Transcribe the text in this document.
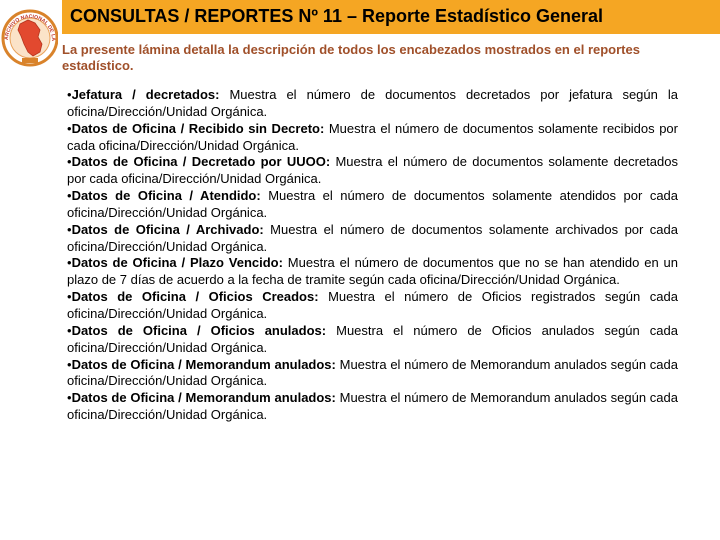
CONSULTAS / REPORTES Nº 11 – Reporte Estadístico General
ARCHIVO NACIONAL DE LA
La presente lámina detalla la descripción de todos los encabezados mostrados en el reportes estadístico.

•Jefatura / decretados: Muestra el número de documentos decretados por jefatura según la oficina/Dirección/Unidad Orgánica.

•Datos de Oficina / Recibido sin Decreto: Muestra el número de documentos solamente recibidos por cada oficina/Dirección/Unidad Orgánica.

•Datos de Oficina / Decretado por UUOO: Muestra el número de documentos solamente decretados por cada oficina/Dirección/Unidad Orgánica.

•Datos de Oficina / Atendido: Muestra el número de documentos solamente atendidos por cada oficina/Dirección/Unidad Orgánica.

•Datos de Oficina / Archivado: Muestra el número de documentos solamente archivados por cada oficina/Dirección/Unidad Orgánica.

•Datos de Oficina / Plazo Vencido: Muestra el número de documentos que no se han atendido en un plazo de 7 días de acuerdo a la fecha de tramite según cada oficina/Dirección/Unidad Orgánica.

•Datos de Oficina / Oficios Creados: Muestra el número de Oficios registrados según cada oficina/Dirección/Unidad Orgánica.

•Datos de Oficina / Oficios anulados: Muestra el número de Oficios anulados según cada oficina/Dirección/Unidad Orgánica.

•Datos de Oficina / Memorandum anulados: Muestra el número de Memorandum anulados según cada oficina/Dirección/Unidad Orgánica.

•Datos de Oficina / Memorandum anulados: Muestra el número de Memorandum anulados según cada oficina/Dirección/Unidad Orgánica.
